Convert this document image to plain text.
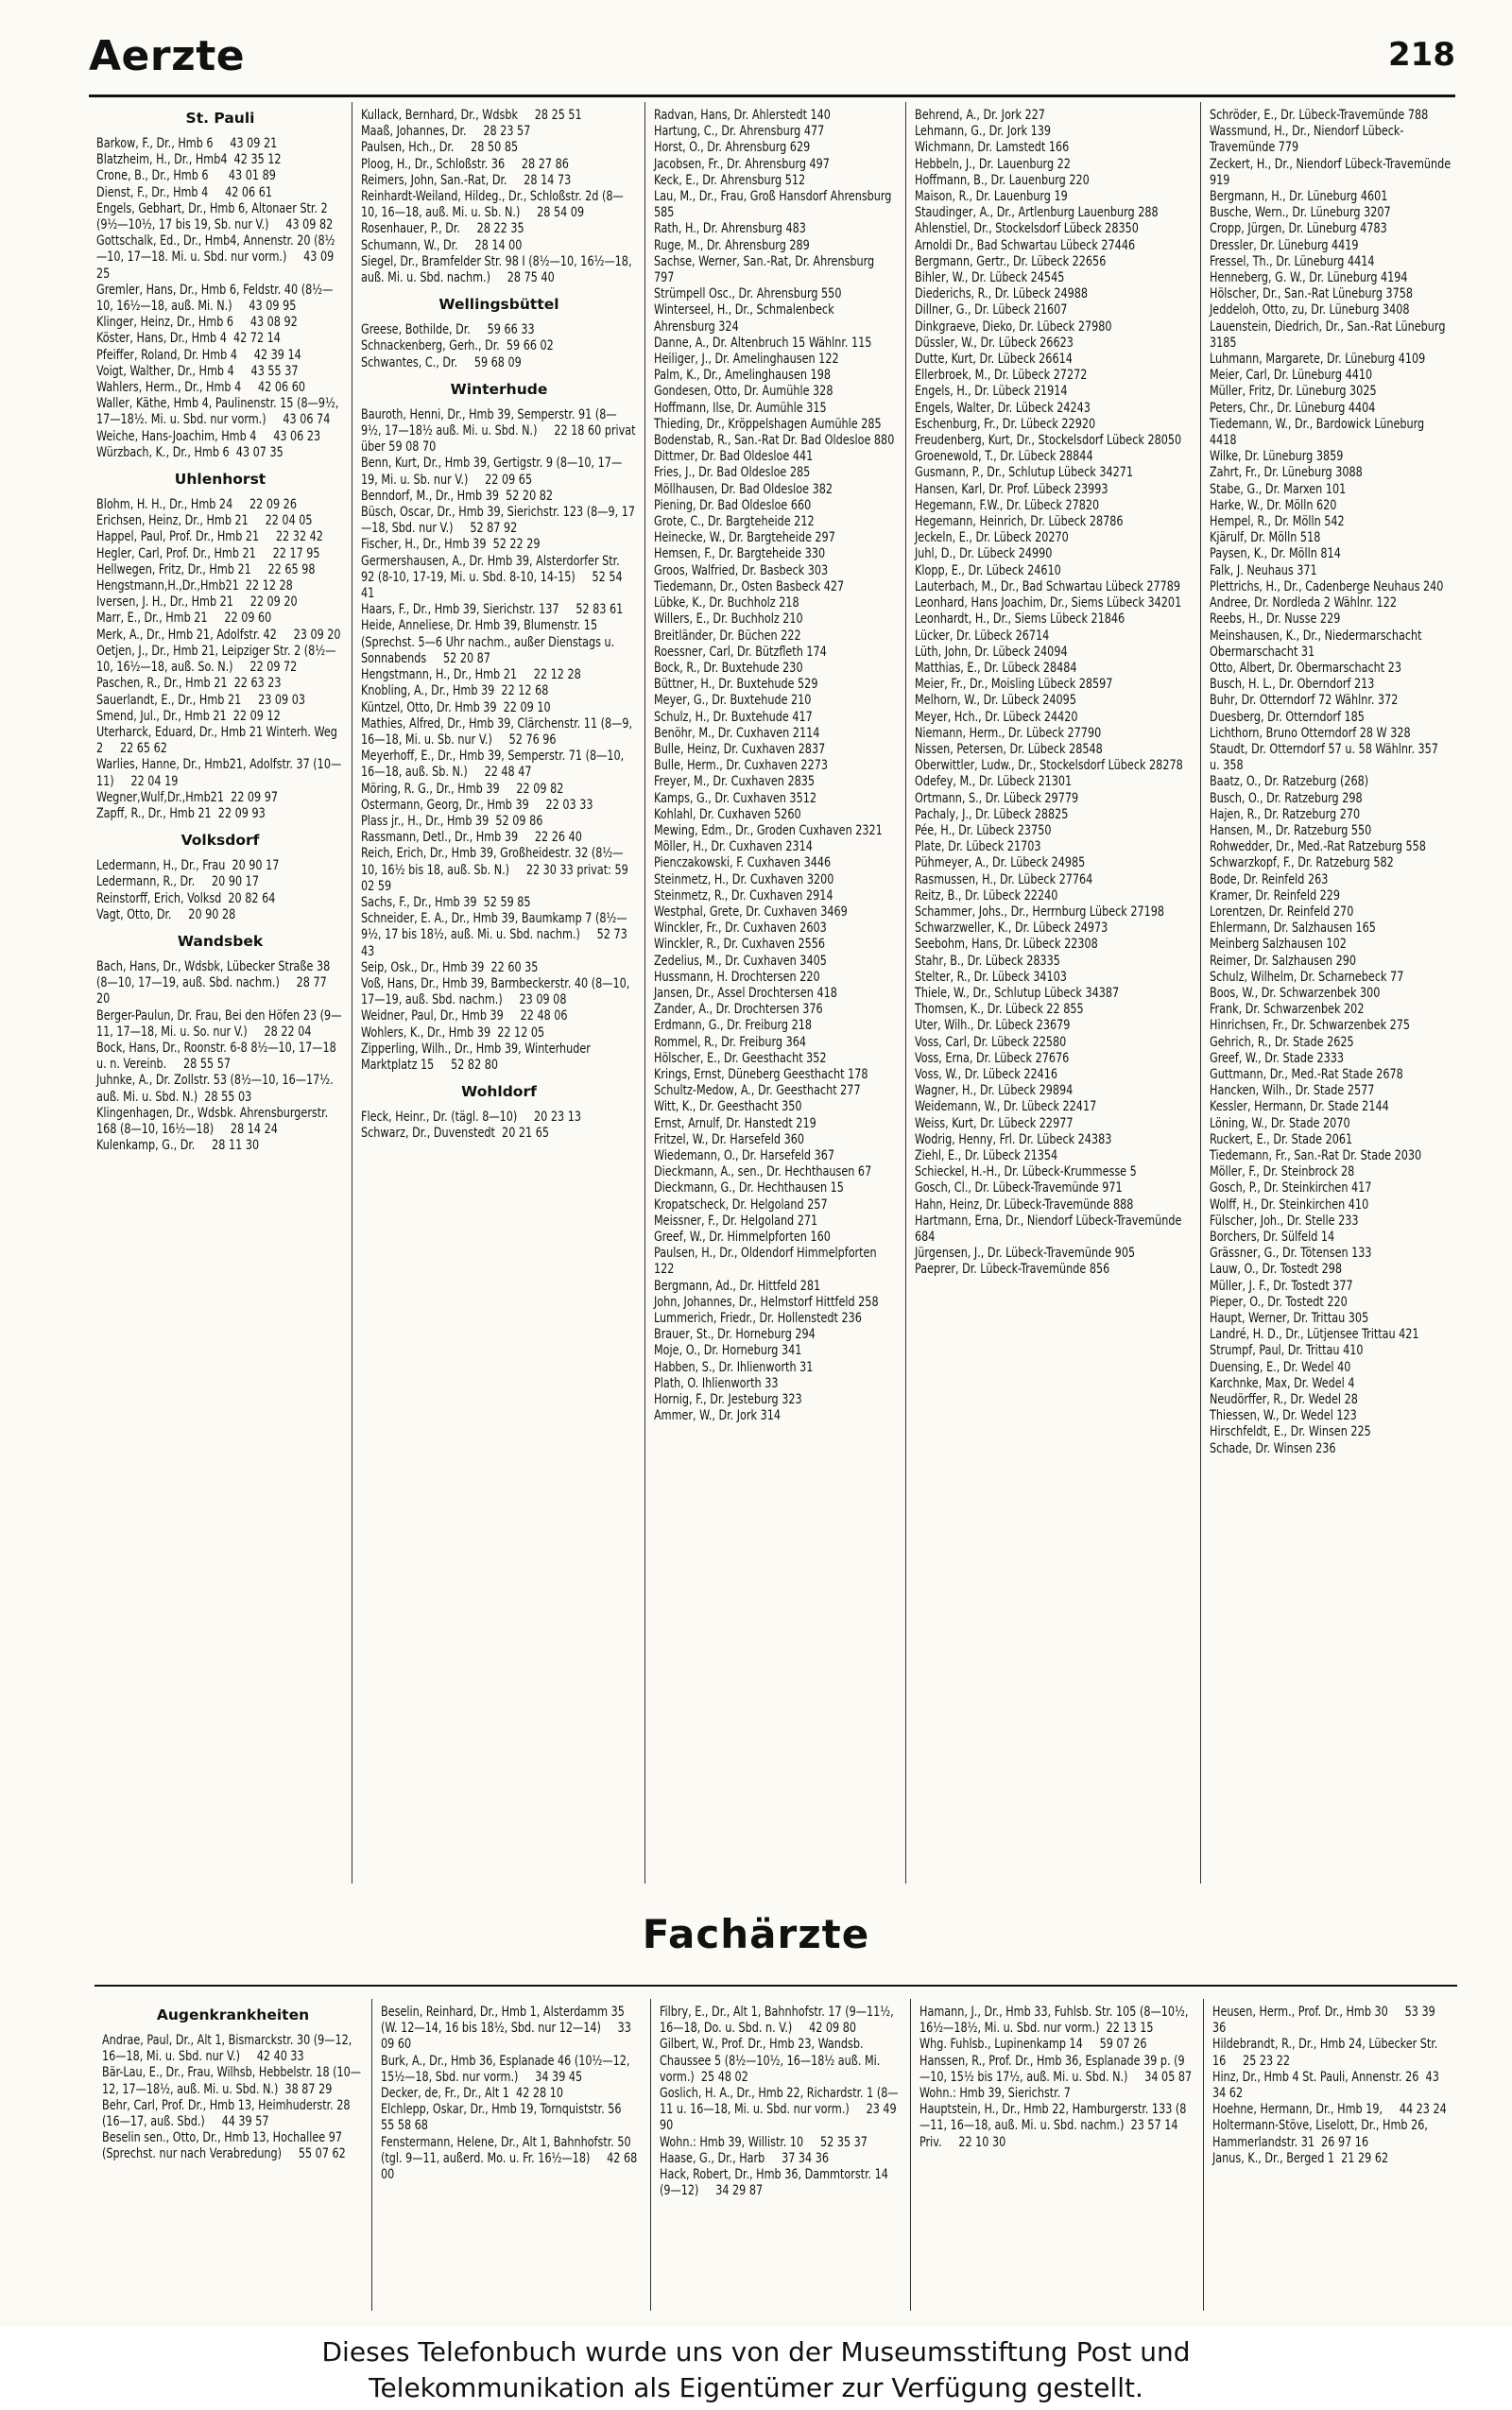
Aerzte	218
St. Pauli
Barkow, F., Dr., Hmb 6     43 09 21
Blatzheim, H., Dr., Hmb4  42 35 12
Crone, B., Dr., Hmb 6      43 01 89
Dienst, F., Dr., Hmb 4     42 06 61
Engels, Gebhart, Dr., Hmb 6, Altonaer Str. 2 (9½—10½, 17 bis 19, Sb. nur V.)     43 09 82
Gottschalk, Ed., Dr., Hmb4, Annenstr. 20 (8½—10, 17—18. Mi. u. Sbd. nur vorm.)     43 09 25
Gremler, Hans, Dr., Hmb 6, Feldstr. 40 (8½—10, 16½—18, auß. Mi. N.)     43 09 95
Klinger, Heinz, Dr., Hmb 6     43 08 92
Köster, Hans, Dr., Hmb 4  42 72 14
Pfeiffer, Roland, Dr. Hmb 4     42 39 14
Voigt, Walther, Dr., Hmb 4     43 55 37
Wahlers, Herm., Dr., Hmb 4     42 06 60
Waller, Käthe, Hmb 4, Paulinenstr. 15 (8—9½, 17—18½. Mi. u. Sbd. nur vorm.)     43 06 74
Weiche, Hans-Joachim, Hmb 4     43 06 23
Würzbach, K., Dr., Hmb 6  43 07 35
Uhlenhorst
Blohm, H. H., Dr., Hmb 24     22 09 26
Erichsen, Heinz, Dr., Hmb 21     22 04 05
Happel, Paul, Prof. Dr., Hmb 21     22 32 42
Hegler, Carl, Prof. Dr., Hmb 21     22 17 95
Hellwegen, Fritz, Dr., Hmb 21     22 65 98
Hengstmann,H.,Dr.,Hmb21  22 12 28
Iversen, J. H., Dr., Hmb 21     22 09 20
Marr, E., Dr., Hmb 21     22 09 60
Merk, A., Dr., Hmb 21, Adolfstr. 42     23 09 20
Oetjen, J., Dr., Hmb 21, Leipziger Str. 2 (8½—10, 16½—18, auß. So. N.)     22 09 72
Paschen, R., Dr., Hmb 21  22 63 23
Sauerlandt, E., Dr., Hmb 21     23 09 03
Smend, Jul., Dr., Hmb 21  22 09 12
Uterharck, Eduard, Dr., Hmb 21 Winterh. Weg 2     22 65 62
Warlies, Hanne, Dr., Hmb21, Adolfstr. 37 (10—11)     22 04 19
Wegner,Wulf,Dr.,Hmb21  22 09 97
Zapff, R., Dr., Hmb 21  22 09 93
Volksdorf
Ledermann, H., Dr., Frau  20 90 17
Ledermann, R., Dr.     20 90 17
Reinstorff, Erich, Volksd  20 82 64
Vagt, Otto, Dr.     20 90 28
Wandsbek
Bach, Hans, Dr., Wdsbk, Lübecker Straße 38 (8—10, 17—19, auß. Sbd. nachm.)     28 77 20
Berger-Paulun, Dr. Frau, Bei den Höfen 23 (9—11, 17—18, Mi. u. So. nur V.)     28 22 04
Bock, Hans, Dr., Roonstr. 6-8 8½—10, 17—18 u. n. Vereinb.     28 55 57
Juhnke, A., Dr. Zollstr. 53 (8½—10, 16—17½. auß. Mi. u. Sbd. N.)  28 55 03
Klingenhagen, Dr., Wdsbk. Ahrensburgerstr. 168 (8—10, 16½—18)     28 14 24
Kulenkamp, G., Dr.     28 11 30
Kullack, Bernhard, Dr., Wdsbk     28 25 51
Maaß, Johannes, Dr.     28 23 57
Paulsen, Hch., Dr.     28 50 85
Ploog, H., Dr., Schloßstr. 36     28 27 86
Reimers, John, San.-Rat, Dr.     28 14 73
Reinhardt-Weiland, Hildeg., Dr., Schloßstr. 2d (8—10, 16—18, auß. Mi. u. Sb. N.)     28 54 09
Rosenhauer, P., Dr.     28 22 35
Schumann, W., Dr.     28 14 00
Siegel, Dr., Bramfelder Str. 98 I (8½—10, 16½—18, auß. Mi. u. Sbd. nachm.)     28 75 40
Wellingsbüttel
Greese, Bothilde, Dr.     59 66 33
Schnackenberg, Gerh., Dr.  59 66 02
Schwantes, C., Dr.     59 68 09
Winterhude
Bauroth, Henni, Dr., Hmb 39, Semperstr. 91 (8—9½, 17—18½ auß. Mi. u. Sbd. N.)     22 18 60 privat über 59 08 70
Benn, Kurt, Dr., Hmb 39, Gertigstr. 9 (8—10, 17—19, Mi. u. Sb. nur V.)     22 09 65
Benndorf, M., Dr., Hmb 39  52 20 82
Büsch, Oscar, Dr., Hmb 39, Sierichstr. 123 (8—9, 17—18, Sbd. nur V.)     52 87 92
Fischer, H., Dr., Hmb 39  52 22 29
Germershausen, A., Dr. Hmb 39, Alsterdorfer Str. 92 (8-10, 17-19, Mi. u. Sbd. 8-10, 14-15)     52 54 41
Haars, F., Dr., Hmb 39, Sierichstr. 137     52 83 61
Heide, Anneliese, Dr. Hmb 39, Blumenstr. 15 (Sprechst. 5—6 Uhr nachm., außer Dienstags u. Sonnabends     52 20 87
Hengstmann, H., Dr., Hmb 21     22 12 28
Knobling, A., Dr., Hmb 39  22 12 68
Küntzel, Otto, Dr. Hmb 39  22 09 10
Mathies, Alfred, Dr., Hmb 39, Clärchenstr. 11 (8—9, 16—18, Mi. u. Sb. nur V.)     52 76 96
Meyerhoff, E., Dr., Hmb 39, Semperstr. 71 (8—10, 16—18, auß. Sb. N.)     22 48 47
Möring, R. G., Dr., Hmb 39     22 09 82
Ostermann, Georg, Dr., Hmb 39     22 03 33
Plass jr., H., Dr., Hmb 39  52 09 86
Rassmann, Detl., Dr., Hmb 39     22 26 40
Reich, Erich, Dr., Hmb 39, Großheidestr. 32 (8½—10, 16½ bis 18, auß. Sb. N.)     22 30 33 privat: 59 02 59
Sachs, F., Dr., Hmb 39  52 59 85
Schneider, E. A., Dr., Hmb 39, Baumkamp 7 (8½—9½, 17 bis 18½, auß. Mi. u. Sbd. nachm.)     52 73 43
Seip, Osk., Dr., Hmb 39  22 60 35
Voß, Hans, Dr., Hmb 39, Barmbeckerstr. 40 (8—10, 17—19, auß. Sbd. nachm.)     23 09 08
Weidner, Paul, Dr., Hmb 39     22 48 06
Wohlers, K., Dr., Hmb 39  22 12 05
Zipperling, Wilh., Dr., Hmb 39, Winterhuder Marktplatz 15     52 82 80
Wohldorf
Fleck, Heinr., Dr. (tägl. 8—10)     20 23 13
Schwarz, Dr., Duvenstedt  20 21 65
Radvan, Hans, Dr. Ahlerstedt 140
Hartung, C., Dr. Ahrensburg 477
Horst, O., Dr. Ahrensburg 629
Jacobsen, Fr., Dr. Ahrensburg 497
Keck, E., Dr. Ahrensburg 512
Lau, M., Dr., Frau, Groß Hansdorf Ahrensburg 585
Rath, H., Dr. Ahrensburg 483
Ruge, M., Dr. Ahrensburg 289
Sachse, Werner, San.-Rat, Dr. Ahrensburg 797
Strümpell Osc., Dr. Ahrensburg 550
Winterseel, H., Dr., Schmalenbeck Ahrensburg 324
Danne, A., Dr. Altenbruch 15 Wählnr. 115
Heiliger, J., Dr. Amelinghausen 122
Palm, K., Dr., Amelinghausen 198
Gondesen, Otto, Dr. Aumühle 328
Hoffmann, Ilse, Dr. Aumühle 315
Thieding, Dr., Kröppelshagen Aumühle 285
Bodenstab, R., San.-Rat Dr. Bad Oldesloe 880
Dittmer, Dr. Bad Oldesloe 441
Fries, J., Dr. Bad Oldesloe 285
Möllhausen, Dr. Bad Oldesloe 382
Piening, Dr. Bad Oldesloe 660
Grote, C., Dr. Bargteheide 212
Heinecke, W., Dr. Bargteheide 297
Hemsen, F., Dr. Bargteheide 330
Groos, Walfried, Dr. Basbeck 303
Tiedemann, Dr., Osten Basbeck 427
Lübke, K., Dr. Buchholz 218
Willers, E., Dr. Buchholz 210
Breitländer, Dr. Büchen 222
Roessner, Carl, Dr. Bützfleth 174
Bock, R., Dr. Buxtehude 230
Büttner, H., Dr. Buxtehude 529
Meyer, G., Dr. Buxtehude 210
Schulz, H., Dr. Buxtehude 417
Benöhr, M., Dr. Cuxhaven 2114
Bulle, Heinz, Dr. Cuxhaven 2837
Bulle, Herm., Dr. Cuxhaven 2273
Freyer, M., Dr. Cuxhaven 2835
Kamps, G., Dr. Cuxhaven 3512
Kohlahl, Dr. Cuxhaven 5260
Mewing, Edm., Dr., Groden Cuxhaven 2321
Möller, H., Dr. Cuxhaven 2314
Pienczakowski, F. Cuxhaven 3446
Steinmetz, H., Dr. Cuxhaven 3200
Steinmetz, R., Dr. Cuxhaven 2914
Westphal, Grete, Dr. Cuxhaven 3469
Winckler, Fr., Dr. Cuxhaven 2603
Winckler, R., Dr. Cuxhaven 2556
Zedelius, M., Dr. Cuxhaven 3405
Hussmann, H. Drochtersen 220
Jansen, Dr., Assel Drochtersen 418
Zander, A., Dr. Drochtersen 376
Erdmann, G., Dr. Freiburg 218
Rommel, R., Dr. Freiburg 364
Hölscher, E., Dr. Geesthacht 352
Krings, Ernst, Düneberg Geesthacht 178
Schultz-Medow, A., Dr. Geesthacht 277
Witt, K., Dr. Geesthacht 350
Ernst, Arnulf, Dr. Hanstedt 219
Fritzel, W., Dr. Harsefeld 360
Wiedemann, O., Dr. Harsefeld 367
Dieckmann, A., sen., Dr. Hechthausen 67
Dieckmann, G., Dr. Hechthausen 15
Kropatscheck, Dr. Helgoland 257
Meissner, F., Dr. Helgoland 271
Greef, W., Dr. Himmelpforten 160
Paulsen, H., Dr., Oldendorf Himmelpforten 122
Bergmann, Ad., Dr. Hittfeld 281
John, Johannes, Dr., Helmstorf Hittfeld 258
Lummerich, Friedr., Dr. Hollenstedt 236
Brauer, St., Dr. Horneburg 294
Moje, O., Dr. Horneburg 341
Habben, S., Dr. Ihlienworth 31
Plath, O. Ihlienworth 33
Hornig, F., Dr. Jesteburg 323
Ammer, W., Dr. Jork 314
Behrend, A., Dr. Jork 227
Lehmann, G., Dr. Jork 139
Wichmann, Dr. Lamstedt 166
Hebbeln, J., Dr. Lauenburg 22
Hoffmann, B., Dr. Lauenburg 220
Maison, R., Dr. Lauenburg 19
Staudinger, A., Dr., Artlenburg Lauenburg 288
Ahlenstiel, Dr., Stockelsdorf Lübeck 28350
Arnoldi Dr., Bad Schwartau Lübeck 27446
Bergmann, Gertr., Dr. Lübeck 22656
Bihler, W., Dr. Lübeck 24545
Diederichs, R., Dr. Lübeck 24988
Dillner, G., Dr. Lübeck 21607
Dinkgraeve, Dieko, Dr. Lübeck 27980
Düssler, W., Dr. Lübeck 26623
Dutte, Kurt, Dr. Lübeck 26614
Ellerbroek, M., Dr. Lübeck 27272
Engels, H., Dr. Lübeck 21914
Engels, Walter, Dr. Lübeck 24243
Eschenburg, Fr., Dr. Lübeck 22920
Freudenberg, Kurt, Dr., Stockelsdorf Lübeck 28050
Groenewold, T., Dr. Lübeck 28844
Gusmann, P., Dr., Schlutup Lübeck 34271
Hansen, Karl, Dr. Prof. Lübeck 23993
Hegemann, F.W., Dr. Lübeck 27820
Hegemann, Heinrich, Dr. Lübeck 28786
Jeckeln, E., Dr. Lübeck 20270
Juhl, D., Dr. Lübeck 24990
Klopp, E., Dr. Lübeck 24610
Lauterbach, M., Dr., Bad Schwartau Lübeck 27789
Leonhard, Hans Joachim, Dr., Siems Lübeck 34201
Leonhardt, H., Dr., Siems Lübeck 21846
Lücker, Dr. Lübeck 26714
Lüth, John, Dr. Lübeck 24094
Matthias, E., Dr. Lübeck 28484
Meier, Fr., Dr., Moisling Lübeck 28597
Melhorn, W., Dr. Lübeck 24095
Meyer, Hch., Dr. Lübeck 24420
Niemann, Herm., Dr. Lübeck 27790
Nissen, Petersen, Dr. Lübeck 28548
Oberwittler, Ludw., Dr., Stockelsdorf Lübeck 28278
Odefey, M., Dr. Lübeck 21301
Ortmann, S., Dr. Lübeck 29779
Pachaly, J., Dr. Lübeck 28825
Pée, H., Dr. Lübeck 23750
Plate, Dr. Lübeck 21703
Pühmeyer, A., Dr. Lübeck 24985
Rasmussen, H., Dr. Lübeck 27764
Reitz, B., Dr. Lübeck 22240
Schammer, Johs., Dr., Herrnburg Lübeck 27198
Schwarzweller, K., Dr. Lübeck 24973
Seebohm, Hans, Dr. Lübeck 22308
Stahr, B., Dr. Lübeck 28335
Stelter, R., Dr. Lübeck 34103
Thiele, W., Dr., Schlutup Lübeck 34387
Thomsen, K., Dr. Lübeck 22 855
Uter, Wilh., Dr. Lübeck 23679
Voss, Carl, Dr. Lübeck 22580
Voss, Erna, Dr. Lübeck 27676
Voss, W., Dr. Lübeck 22416
Wagner, H., Dr. Lübeck 29894
Weidemann, W., Dr. Lübeck 22417
Weiss, Kurt, Dr. Lübeck 22977
Wodrig, Henny, Frl. Dr. Lübeck 24383
Ziehl, E., Dr. Lübeck 21354
Schieckel, H.-H., Dr. Lübeck-Krummesse 5
Gosch, Cl., Dr. Lübeck-Travemünde 971
Hahn, Heinz, Dr. Lübeck-Travemünde 888
Hartmann, Erna, Dr., Niendorf Lübeck-Travemünde 684
Jürgensen, J., Dr. Lübeck-Travemünde 905
Paeprer, Dr. Lübeck-Travemünde 856
Schröder, E., Dr. Lübeck-Travemünde 788
Wassmund, H., Dr., Niendorf Lübeck-Travemünde 779
Zeckert, H., Dr., Niendorf Lübeck-Travemünde 919
Bergmann, H., Dr. Lüneburg 4601
Busche, Wern., Dr. Lüneburg 3207
Cropp, Jürgen, Dr. Lüneburg 4783
Dressler, Dr. Lüneburg 4419
Fressel, Th., Dr. Lüneburg 4414
Henneberg, G. W., Dr. Lüneburg 4194
Hölscher, Dr., San.-Rat Lüneburg 3758
Jeddeloh, Otto, zu, Dr. Lüneburg 3408
Lauenstein, Diedrich, Dr., San.-Rat Lüneburg 3185
Luhmann, Margarete, Dr. Lüneburg 4109
Meier, Carl, Dr. Lüneburg 4410
Müller, Fritz, Dr. Lüneburg 3025
Peters, Chr., Dr. Lüneburg 4404
Tiedemann, W., Dr., Bardowick Lüneburg 4418
Wilke, Dr. Lüneburg 3859
Zahrt, Fr., Dr. Lüneburg 3088
Stabe, G., Dr. Marxen 101
Harke, W., Dr. Mölln 620
Hempel, R., Dr. Mölln 542
Kjärulf, Dr. Mölln 518
Paysen, K., Dr. Mölln 814
Falk, J. Neuhaus 371
Plettrichs, H., Dr., Cadenberge Neuhaus 240
Andree, Dr. Nordleda 2 Wählnr. 122
Reebs, H., Dr. Nusse 229
Meinshausen, K., Dr., Niedermarschacht Obermarschacht 31
Otto, Albert, Dr. Obermarschacht 23
Busch, H. L., Dr. Oberndorf 213
Buhr, Dr. Otterndorf 72 Wählnr. 372
Duesberg, Dr. Otterndorf 185
Lichthorn, Bruno Otterndorf 28 W 328
Staudt, Dr. Otterndorf 57 u. 58 Wählnr. 357 u. 358
Baatz, O., Dr. Ratzeburg (268)
Busch, O., Dr. Ratzeburg 298
Hajen, R., Dr. Ratzeburg 270
Hansen, M., Dr. Ratzeburg 550
Rohwedder, Dr., Med.-Rat Ratzeburg 558
Schwarzkopf, F., Dr. Ratzeburg 582
Bode, Dr. Reinfeld 263
Kramer, Dr. Reinfeld 229
Lorentzen, Dr. Reinfeld 270
Ehlermann, Dr. Salzhausen 165
Meinberg Salzhausen 102
Reimer, Dr. Salzhausen 290
Schulz, Wilhelm, Dr. Scharnebeck 77
Boos, W., Dr. Schwarzenbek 300
Frank, Dr. Schwarzenbek 202
Hinrichsen, Fr., Dr. Schwarzenbek 275
Gehrich, R., Dr. Stade 2625
Greef, W., Dr. Stade 2333
Guttmann, Dr., Med.-Rat Stade 2678
Hancken, Wilh., Dr. Stade 2577
Kessler, Hermann, Dr. Stade 2144
Löning, W., Dr. Stade 2070
Ruckert, E., Dr. Stade 2061
Tiedemann, Fr., San.-Rat Dr. Stade 2030
Möller, F., Dr. Steinbrock 28
Gosch, P., Dr. Steinkirchen 417
Wolff, H., Dr. Steinkirchen 410
Fülscher, Joh., Dr. Stelle 233
Borchers, Dr. Sülfeld 14
Grässner, G., Dr. Tötensen 133
Lauw, O., Dr. Tostedt 298
Müller, J. F., Dr. Tostedt 377
Pieper, O., Dr. Tostedt 220
Haupt, Werner, Dr. Trittau 305
Landré, H. D., Dr., Lütjensee Trittau 421
Strumpf, Paul, Dr. Trittau 410
Duensing, E., Dr. Wedel 40
Karchnke, Max, Dr. Wedel 4
Neudörffer, R., Dr. Wedel 28
Thiessen, W., Dr. Wedel 123
Hirschfeldt, E., Dr. Winsen 225
Schade, Dr. Winsen 236
Fachärzte
Augenkrankheiten
Andrae, Paul, Dr., Alt 1, Bismarckstr. 30 (9—12, 16—18, Mi. u. Sbd. nur V.)     42 40 33
Bär-Lau, E., Dr., Frau, Wilhsb, Hebbelstr. 18 (10—12, 17—18½, auß. Mi. u. Sbd. N.)  38 87 29
Behr, Carl, Prof. Dr., Hmb 13, Heimhuderstr. 28 (16—17, auß. Sbd.)     44 39 57
Beselin sen., Otto, Dr., Hmb 13, Hochallee 97 (Sprechst. nur nach Verabredung)     55 07 62
Beselin, Reinhard, Dr., Hmb 1, Alsterdamm 35 (W. 12—14, 16 bis 18½, Sbd. nur 12—14)     33 09 60
Burk, A., Dr., Hmb 36, Esplanade 46 (10½—12, 15½—18, Sbd. nur vorm.)     34 39 45
Decker, de, Fr., Dr., Alt 1  42 28 10
Elchlepp, Oskar, Dr., Hmb 19, Tornquiststr. 56     55 58 68
Fenstermann, Helene, Dr., Alt 1, Bahnhofstr. 50 (tgl. 9—11, außerd. Mo. u. Fr. 16½—18)     42 68 00
Filbry, E., Dr., Alt 1, Bahnhofstr. 17 (9—11½, 16—18, Do. u. Sbd. n. V.)     42 09 80
Gilbert, W., Prof. Dr., Hmb 23, Wandsb. Chaussee 5 (8½—10½, 16—18½ auß. Mi. vorm.)  25 48 02
Goslich, H. A., Dr., Hmb 22, Richardstr. 1 (8—11 u. 16—18, Mi. u. Sbd. nur vorm.)     23 49 90
Wohn.: Hmb 39, Willistr. 10     52 35 37
Haase, G., Dr., Harb     37 34 36
Hack, Robert, Dr., Hmb 36, Dammtorstr. 14 (9—12)     34 29 87
Hamann, J., Dr., Hmb 33, Fuhlsb. Str. 105 (8—10½, 16½—18½, Mi. u. Sbd. nur vorm.)  22 13 15
Whg. Fuhlsb., Lupinenkamp 14     59 07 26
Hanssen, R., Prof. Dr., Hmb 36, Esplanade 39 p. (9—10, 15½ bis 17½, auß. Mi. u. Sbd. N.)     34 05 87
Wohn.: Hmb 39, Sierichstr. 7
Hauptstein, H., Dr., Hmb 22, Hamburgerstr. 133 (8—11, 16—18, auß. Mi. u. Sbd. nachm.)  23 57 14
Priv.     22 10 30
Heusen, Herm., Prof. Dr., Hmb 30     53 39 36
Hildebrandt, R., Dr., Hmb 24, Lübecker Str. 16     25 23 22
Hinz, Dr., Hmb 4 St. Pauli, Annenstr. 26  43 34 62
Hoehne, Hermann, Dr., Hmb 19,     44 23 24
Holtermann-Stöve, Liselott, Dr., Hmb 26, Hammerlandstr. 31  26 97 16
Janus, K., Dr., Berged 1  21 29 62
Dieses Telefonbuch wurde uns von der Museumsstiftung Post und
Telekommunikation als Eigentümer zur Verfügung gestellt.
